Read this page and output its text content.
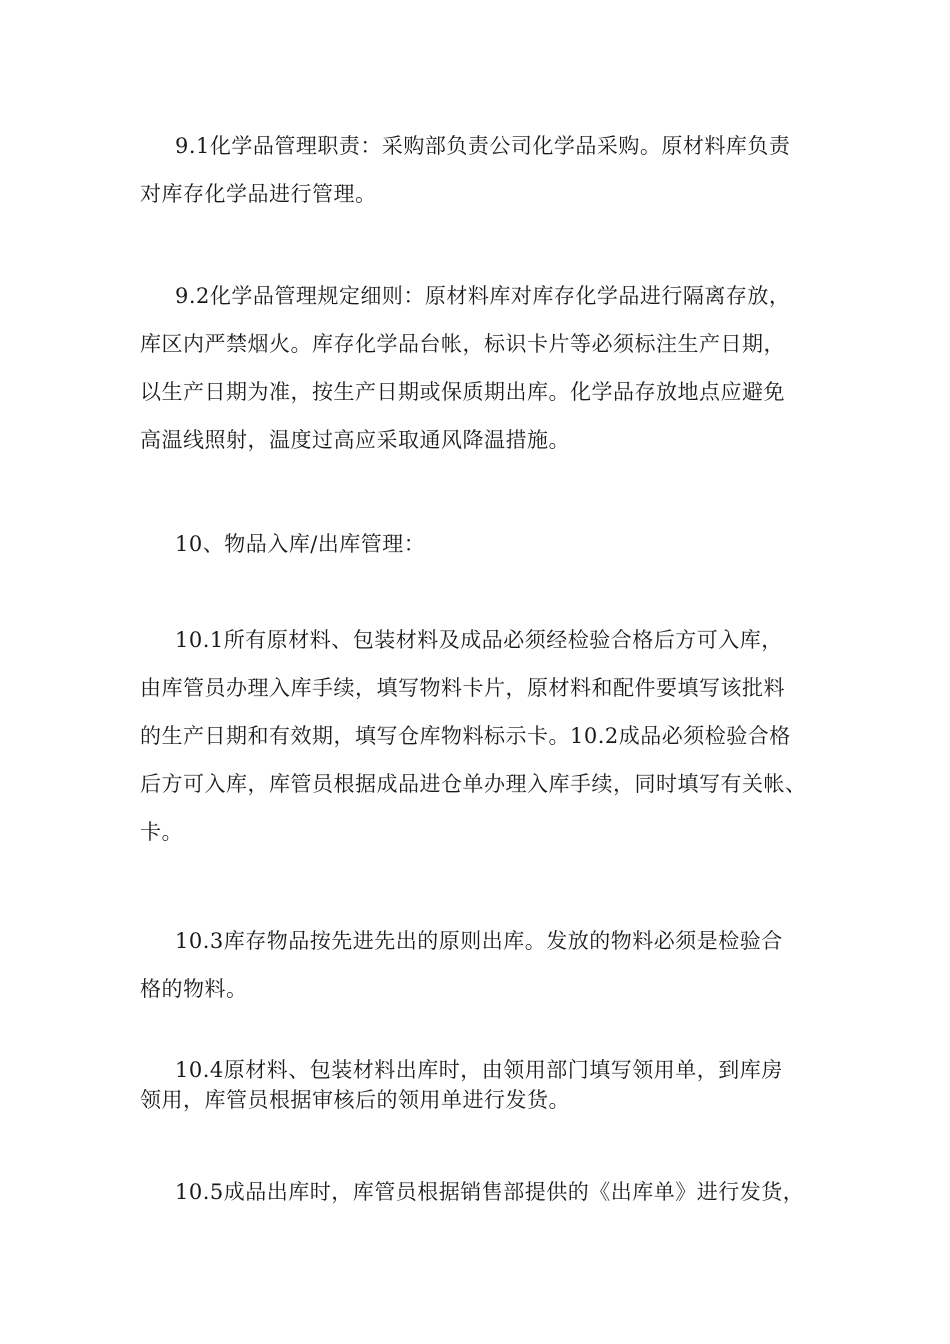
9.1化学品管理职责：采购部负责公司化学品采购。原材料库负责
对库存化学品进行管理。
9.2化学品管理规定细则：原材料库对库存化学品进行隔离存放，
库区内严禁烟火。库存化学品台帐，标识卡片等必须标注生产日期，
以生产日期为准，按生产日期或保质期出库。化学品存放地点应避免
高温线照射，温度过高应采取通风降温措施。
10、物品入库/出库管理：
10.1所有原材料、包装材料及成品必须经检验合格后方可入库，
由库管员办理入库手续，填写物料卡片，原材料和配件要填写该批料
的生产日期和有效期，填写仓库物料标示卡。10.2成品必须检验合格
后方可入库，库管员根据成品进仓单办理入库手续，同时填写有关帐、
卡。
10.3库存物品按先进先出的原则出库。发放的物料必须是检验合
格的物料。
10.4原材料、包装材料出库时，由领用部门填写领用单，到库房
领用，库管员根据审核后的领用单进行发货。
10.5成品出库时，库管员根据销售部提供的《出库单》进行发货，
